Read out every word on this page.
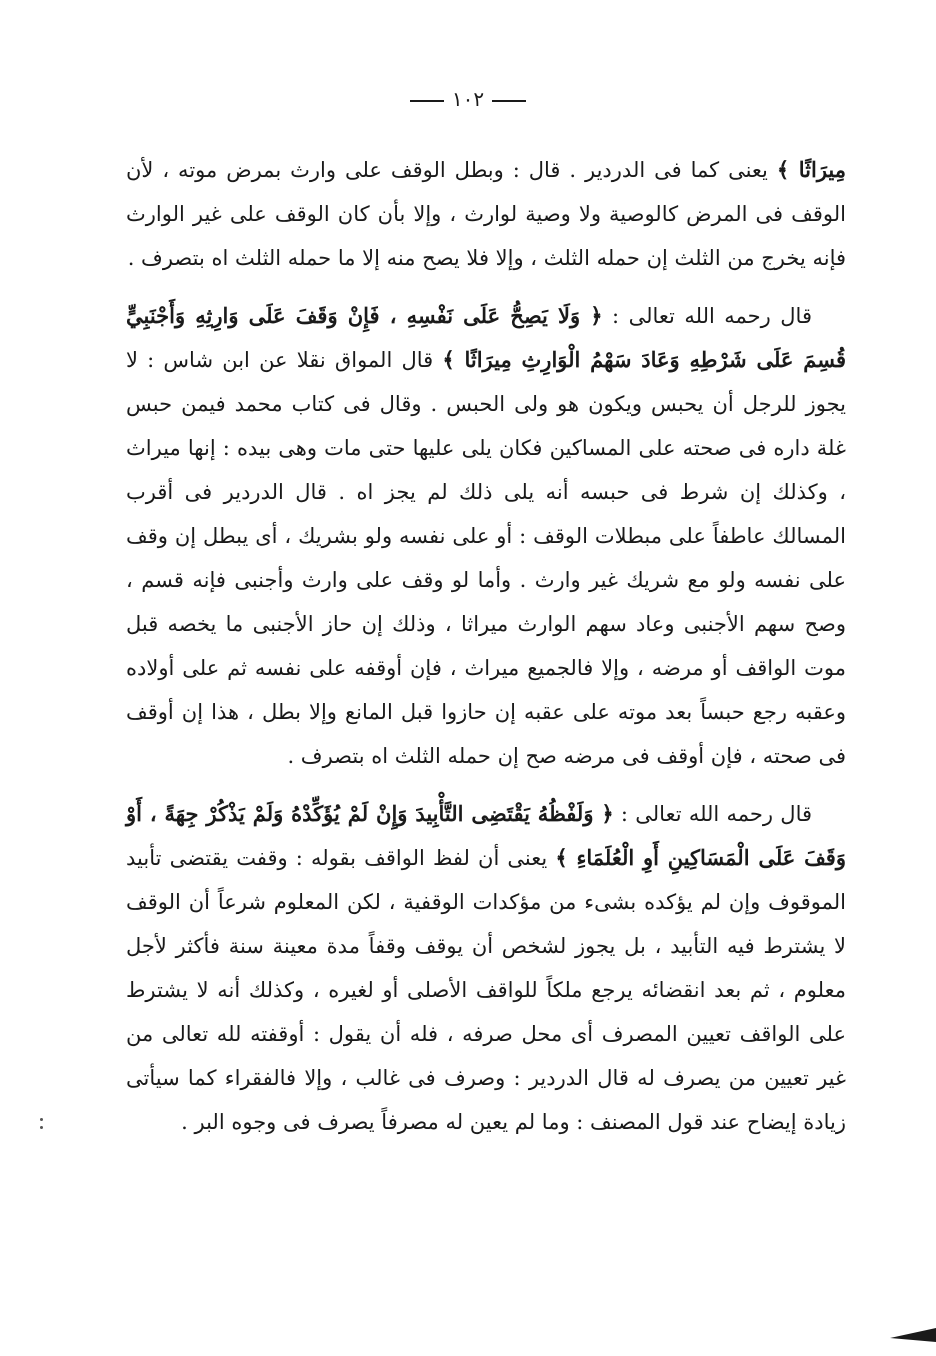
١٠٢

مِيرَاثًا ﴾ يعنى كما فى الدردير . قال : وبطل الوقف على وارث بمرض موته ، لأن الوقف فى المرض كالوصية ولا وصية لوارث ، وإلا بأن كان الوقف على غير الوارث فإنه يخرج من الثلث إن حمله الثلث ، وإلا فلا يصح منه إلا ما حمله الثلث اه بتصرف .

قال رحمه الله تعالى : ﴿ وَلَا يَصِحُّ عَلَى نَفْسِهِ ، فَإِنْ وَقَفَ عَلَى وَارِثِهِ وَأَجْنَبِيٍّ قُسِمَ عَلَى شَرْطِهِ وَعَادَ سَهْمُ الْوَارِثِ مِيرَاثًا ﴾ قال المواق نقلا عن ابن شاس : لا يجوز للرجل أن يحبس ويكون هو ولى الحبس . وقال فى كتاب محمد فيمن حبس غلة داره فى صحته على المساكين فكان يلى عليها حتى مات وهى بيده : إنها ميراث ، وكذلك إن شرط فى حبسه أنه يلى ذلك لم يجز اه . قال الدردير فى أقرب المسالك عاطفاً على مبطلات الوقف : أو على نفسه ولو بشريك ، أى يبطل إن وقف على نفسه ولو مع شريك غير وارث . وأما لو وقف على وارث وأجنبى فإنه قسم ، وصح سهم الأجنبى وعاد سهم الوارث ميراثا ، وذلك إن حاز الأجنبى ما يخصه قبل موت الواقف أو مرضه ، وإلا فالجميع ميراث ، فإن أوقفه على نفسه ثم على أولاده وعقبه رجع حبساً بعد موته على عقبه إن حازوا قبل المانع وإلا بطل ، هذا إن أوقف فى صحته ، فإن أوقف فى مرضه صح إن حمله الثلث اه بتصرف .

قال رحمه الله تعالى : ﴿ وَلَفْظُهُ يَقْتَضِى التَّأْبِيدَ وَإِنْ لَمْ يُؤَكِّدْهُ وَلَمْ يَذْكُرْ جِهَةً ، أَوْ وَقَفَ عَلَى الْمَسَاكِينِ أَوِ الْعُلَمَاءِ ﴾ يعنى أن لفظ الواقف بقوله : وقفت يقتضى تأبيد الموقوف وإن لم يؤكده بشىء من مؤكدات الوقفية ، لكن المعلوم شرعاً أن الوقف لا يشترط فيه التأبيد ، بل يجوز لشخص أن يوقف وقفاً مدة معينة سنة فأكثر لأجل معلوم ، ثم بعد انقضائه يرجع ملكاً للواقف الأصلى أو لغيره ، وكذلك أنه لا يشترط على الواقف تعيين المصرف أى محل صرفه ، فله أن يقول : أوقفته لله تعالى من غير تعيين من يصرف له قال الدردير : وصرف فى غالب ، وإلا فالفقراء كما سيأتى زيادة إيضاح عند قول المصنف : وما لم يعين له مصرفاً يصرف فى وجوه البر .
